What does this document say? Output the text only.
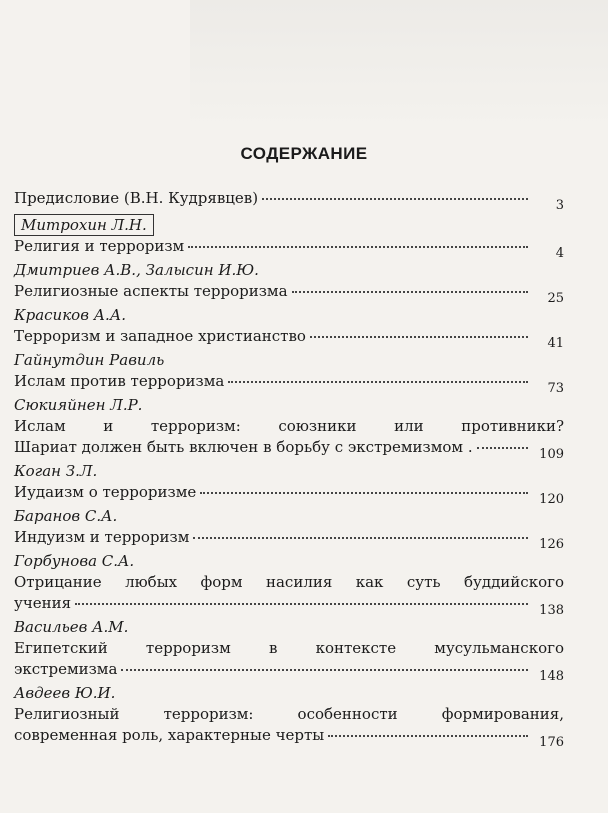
СОДЕРЖАНИЕ
Предисловие (В.Н. Кудрявцев)	3
Митрохин Л.Н.
Религия и терроризм	4
Дмитриев А.В., Залысин И.Ю.
Религиозные аспекты терроризма	25
Красиков А.А.
Терроризм и западное христианство	41
Гайнутдин Равиль
Ислам против терроризма	73
Сюкияйнен Л.Р.
Ислам и терроризм: союзники или противники?
Шариат должен быть включен в борьбу с экстремизмом .	109
Коган З.Л.
Иудаизм о терроризме	120
Баранов С.А.
Индуизм и терроризм	126
Горбунова С.А.
Отрицание любых форм насилия как суть буддийского
учения	138
Васильев А.М.
Египетский терроризм в контексте мусульманского
экстремизма	148
Авдеев Ю.И.
Религиозный терроризм: особенности формирования,
современная роль, характерные черты	176
